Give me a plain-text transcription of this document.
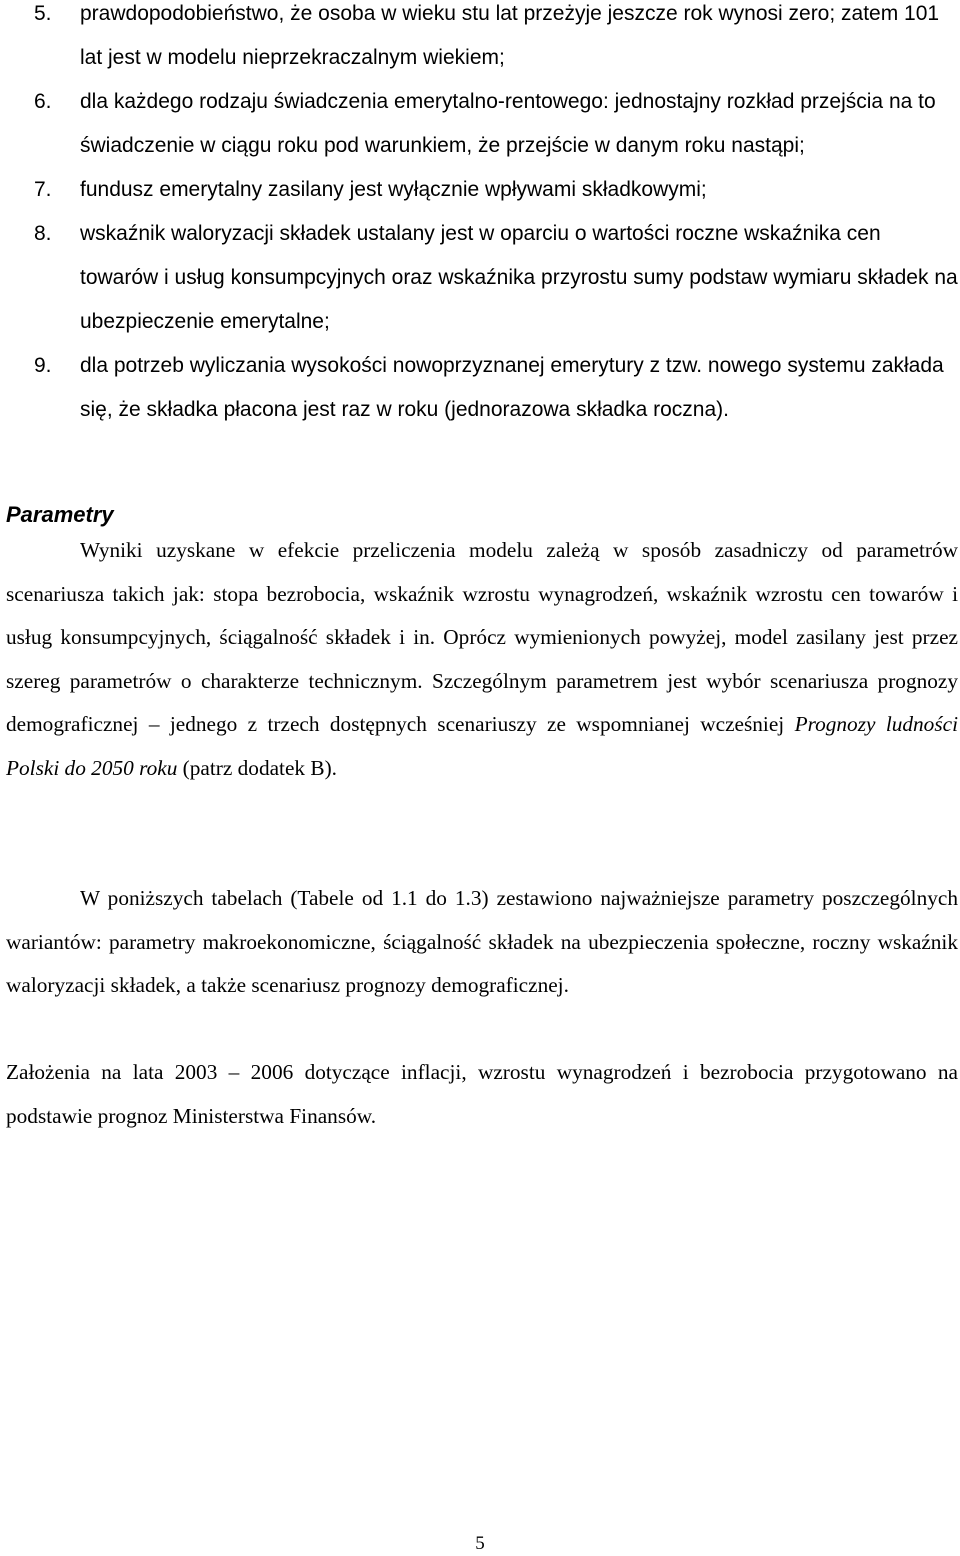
5. prawdopodobieństwo, że osoba w wieku stu lat przeżyje jeszcze rok wynosi zero; zatem 101 lat jest w modelu nieprzekraczalnym wiekiem;
6. dla każdego rodzaju świadczenia emerytalno-rentowego: jednostajny rozkład przejścia na to świadczenie w ciągu roku pod warunkiem, że przejście w danym roku nastąpi;
7. fundusz emerytalny zasilany jest wyłącznie wpływami składkowymi;
8. wskaźnik waloryzacji składek ustalany jest w oparciu o wartości roczne wskaźnika cen towarów i usług konsumpcyjnych oraz wskaźnika przyrostu sumy podstaw wymiaru składek na ubezpieczenie emerytalne;
9. dla potrzeb wyliczania wysokości nowoprzyznanej emerytury z tzw. nowego systemu zakłada się, że składka płacona jest raz w roku (jednorazowa składka roczna).
Parametry

Wyniki uzyskane w efekcie przeliczenia modelu zależą w sposób zasadniczy od parametrów scenariusza takich jak: stopa bezrobocia, wskaźnik wzrostu wynagrodzeń, wskaźnik wzrostu cen towarów i usług konsumpcyjnych, ściągalność składek i in. Oprócz wymienionych powyżej, model zasilany jest przez szereg parametrów o charakterze technicznym. Szczególnym parametrem jest wybór scenariusza prognozy demograficznej – jednego z trzech dostępnych scenariuszy ze wspomnianej wcześniej Prognozy ludności Polski do 2050 roku (patrz dodatek B).

W poniższych tabelach (Tabele od 1.1 do 1.3) zestawiono najważniejsze parametry poszczególnych wariantów: parametry makroekonomiczne, ściągalność składek na ubezpieczenia społeczne, roczny wskaźnik waloryzacji składek, a także scenariusz prognozy demograficznej.

Założenia na lata 2003 – 2006 dotyczące inflacji, wzrostu wynagrodzeń i bezrobocia przygotowano na podstawie prognoz Ministerstwa Finansów.

5
